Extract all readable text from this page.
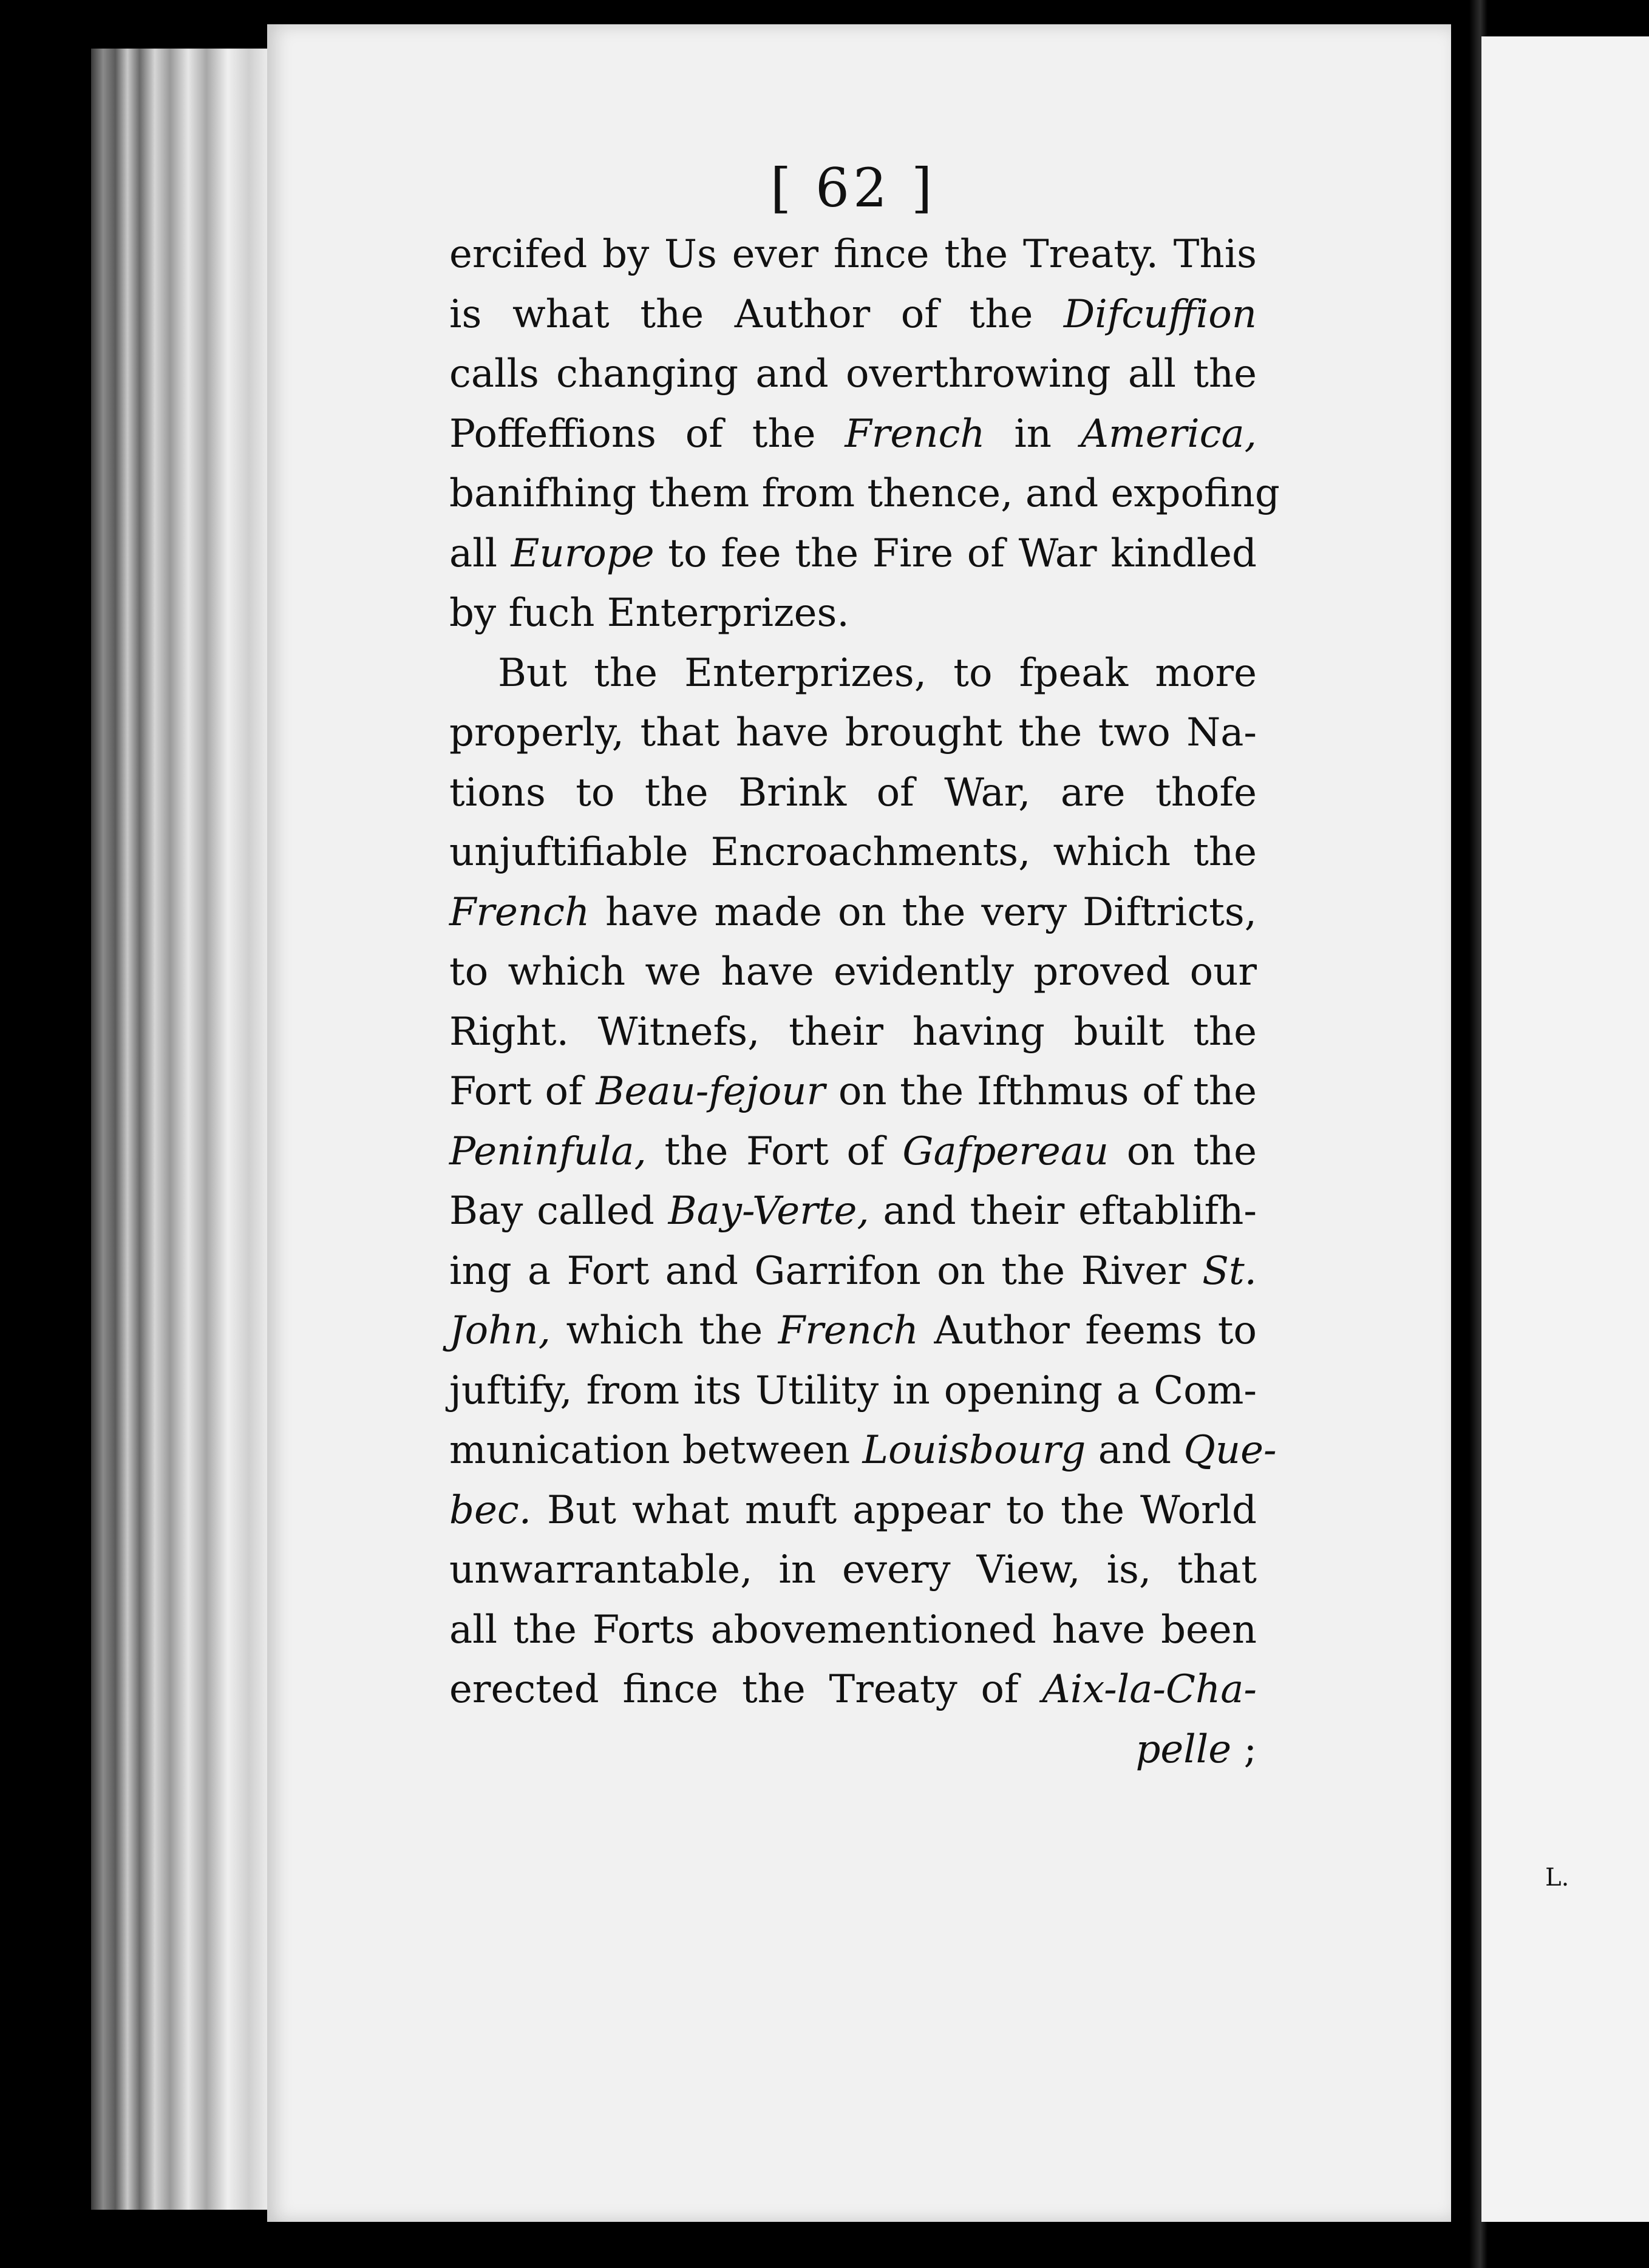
L.
[ 62 ]
ercifed by Us ever fince the Treaty. This
is what the Author of the Difcuffion
calls changing and overthrowing all the
Poffeffions of the French in America,
banifhing them from thence, and expofing
all Europe to fee the Fire of War kindled
by fuch Enterprizes.
But the Enterprizes, to fpeak more
properly, that have brought the two Na-
tions to the Brink of War, are thofe
unjuftifiable Encroachments, which the
French have made on the very Diftricts,
to which we have evidently proved our
Right. Witnefs, their having built the
Fort of Beau-fejour on the Ifthmus of the
Peninfula, the Fort of Gafpereau on the
Bay called Bay-Verte, and their eftablifh-
ing a Fort and Garrifon on the River St.
John, which the French Author feems to
juftify, from its Utility in opening a Com-
munication between Louisbourg and Que-
bec. But what muft appear to the World
unwarrantable, in every View, is, that
all the Forts abovementioned have been
erected fince the Treaty of Aix-la-Cha-
pelle ;
